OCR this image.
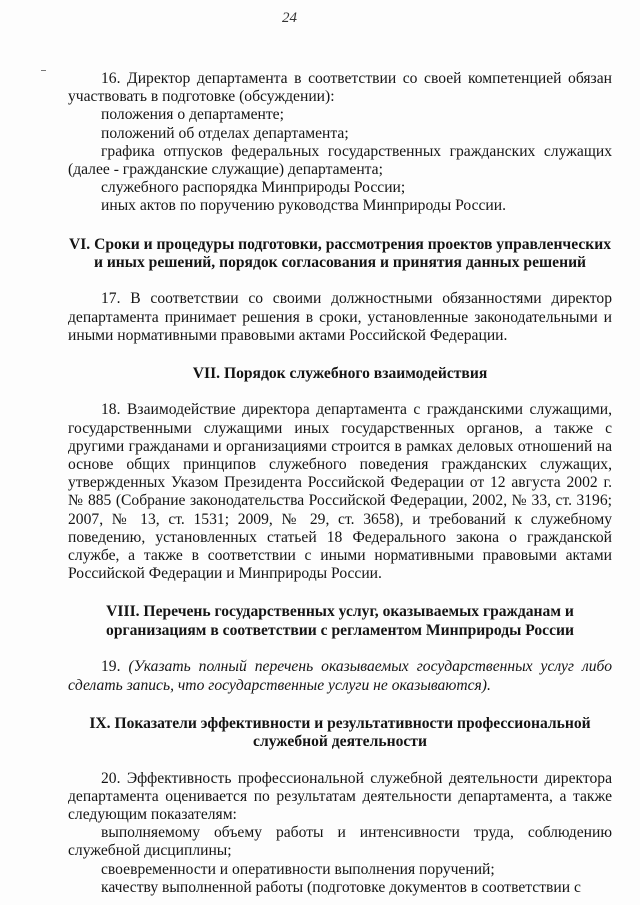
24

16. Директор департамента в соответствии со своей компетенцией обязан участвовать в подготовке (обсуждении):

положения о департаменте;

положений об отделах департамента;

графика отпусков федеральных государственных гражданских служащих (далее - гражданские служащие) департамента;

служебного распорядка Минприроды России;

иных актов по поручению руководства Минприроды России.

VI. Сроки и процедуры подготовки, рассмотрения проектов управленческих и иных решений, порядок согласования и принятия данных решений

17. В соответствии со своими должностными обязанностями директор департамента принимает решения в сроки, установленные законодательными и иными нормативными правовыми актами Российской Федерации.

VII. Порядок служебного взаимодействия

18. Взаимодействие директора департамента с гражданскими служащими, государственными служащими иных государственных органов, а также с другими гражданами и организациями строится в рамках деловых отношений на основе общих принципов служебного поведения гражданских служащих, утвержденных Указом Президента Российской Федерации от 12 августа 2002 г. № 885 (Собрание законодательства Российской Федерации, 2002, № 33, ст. 3196; 2007, № 13, ст. 1531; 2009, № 29, ст. 3658), и требований к служебному поведению, установленных статьей 18 Федерального закона о гражданской службе, а также в соответствии с иными нормативными правовыми актами Российской Федерации и Минприроды России.

VIII. Перечень государственных услуг, оказываемых гражданам и организациям в соответствии с регламентом Минприроды России

19. (Указать полный перечень оказываемых государственных услуг либо сделать запись, что государственные услуги не оказываются).

IX. Показатели эффективности и результативности профессиональной служебной деятельности

20. Эффективность профессиональной служебной деятельности директора департамента оценивается по результатам деятельности департамента, а также следующим показателям:

выполняемому объему работы и интенсивности труда, соблюдению служебной дисциплины;

своевременности и оперативности выполнения поручений;

качеству выполненной работы (подготовке документов в соответствии с
